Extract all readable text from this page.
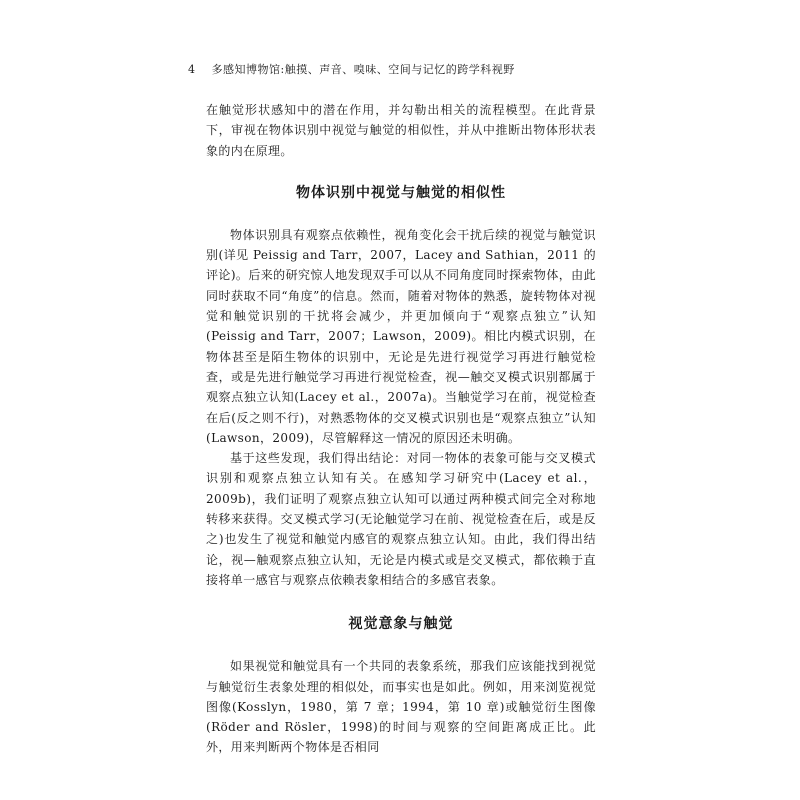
4 多感知博物馆:触摸、声音、嗅味、空间与记忆的跨学科视野

在触觉形状感知中的潜在作用，并勾勒出相关的流程模型。在此背景下，审视在物体识别中视觉与触觉的相似性，并从中推断出物体形状表象的内在原理。

物体识别中视觉与触觉的相似性

物体识别具有观察点依赖性，视角变化会干扰后续的视觉与触觉识别(详见 Peissig and Tarr，2007，Lacey and Sathian，2011 的评论)。后来的研究惊人地发现双手可以从不同角度同时探索物体，由此同时获取不同“角度”的信息。然而，随着对物体的熟悉，旋转物体对视觉和触觉识别的干扰将会减少，并更加倾向于“观察点独立”认知(Peissig and Tarr，2007；Lawson，2009)。相比内模式识别，在物体甚至是陌生物体的识别中，无论是先进行视觉学习再进行触觉检查，或是先进行触觉学习再进行视觉检查，视—触交叉模式识别都属于观察点独立认知(Lacey et al.，2007a)。当触觉学习在前，视觉检查在后(反之则不行)，对熟悉物体的交叉模式识别也是“观察点独立”认知(Lawson，2009)，尽管解释这一情况的原因还未明确。

基于这些发现，我们得出结论：对同一物体的表象可能与交叉模式识别和观察点独立认知有关。在感知学习研究中(Lacey et al.，2009b)，我们证明了观察点独立认知可以通过两种模式间完全对称地转移来获得。交叉模式学习(无论触觉学习在前、视觉检查在后，或是反之)也发生了视觉和触觉内感官的观察点独立认知。由此，我们得出结论，视—触观察点独立认知，无论是内模式或是交叉模式，都依赖于直接将单一感官与观察点依赖表象相结合的多感官表象。

视觉意象与触觉

如果视觉和触觉具有一个共同的表象系统，那我们应该能找到视觉与触觉衍生表象处理的相似处，而事实也是如此。例如，用来浏览视觉图像(Kosslyn，1980，第 7 章；1994，第 10 章)或触觉衍生图像(Röder and Rösler，1998)的时间与观察的空间距离成正比。此外，用来判断两个物体是否相同
